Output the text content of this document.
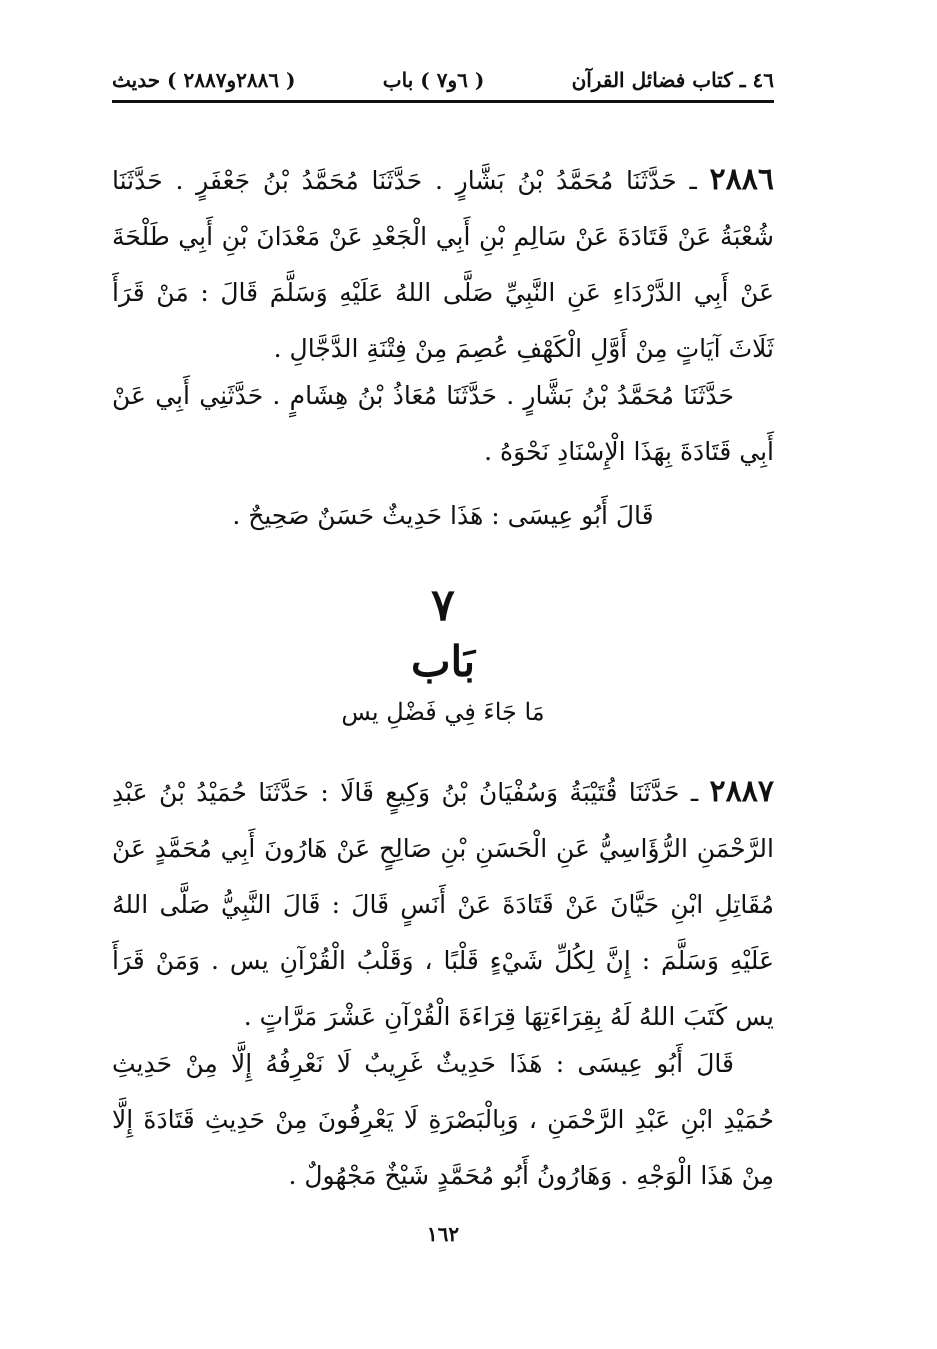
٤٦ ـ كتاب فضائل القرآن
( ٦و٧ ) باب
( ٢٨٨٦و٢٨٨٧ ) حديث

٢٨٨٦ ـ حَدَّثَنَا مُحَمَّدُ بْنُ بَشَّارٍ . حَدَّثَنَا مُحَمَّدُ بْنُ جَعْفَرٍ . حَدَّثَنَا شُعْبَةُ عَنْ قَتَادَةَ عَنْ سَالِمِ بْنِ أَبِي الْجَعْدِ عَنْ مَعْدَانَ بْنِ أَبِي طَلْحَةَ عَنْ أَبِي الدَّرْدَاءِ عَنِ النَّبِيِّ صَلَّى اللهُ عَلَيْهِ وَسَلَّمَ قَالَ : مَنْ قَرَأَ ثَلَاثَ آيَاتٍ مِنْ أَوَّلِ الْكَهْفِ عُصِمَ مِنْ فِتْنَةِ الدَّجَّالِ .

حَدَّثَنَا مُحَمَّدُ بْنُ بَشَّارٍ . حَدَّثَنَا مُعَاذُ بْنُ هِشَامٍ . حَدَّثَنِي أَبِي عَنْ أَبِي قَتَادَةَ بِهَذَا الْإِسْنَادِ نَحْوَهُ .

قَالَ أَبُو عِيسَى : هَذَا حَدِيثٌ حَسَنٌ صَحِيحٌ .

٧

بَاب

مَا جَاءَ فِي فَضْلِ يس

٢٨٨٧ ـ حَدَّثَنَا قُتَيْبَةُ وَسُفْيَانُ بْنُ وَكِيعٍ قَالَا : حَدَّثَنَا حُمَيْدُ بْنُ عَبْدِ الرَّحْمَنِ الرُّؤَاسِيُّ عَنِ الْحَسَنِ بْنِ صَالِحٍ عَنْ هَارُونَ أَبِي مُحَمَّدٍ عَنْ مُقَاتِلِ ابْنِ حَيَّانَ عَنْ قَتَادَةَ عَنْ أَنَسٍ قَالَ : قَالَ النَّبِيُّ صَلَّى اللهُ عَلَيْهِ وَسَلَّمَ : إِنَّ لِكُلِّ شَيْءٍ قَلْبًا ، وَقَلْبُ الْقُرْآنِ يس . وَمَنْ قَرَأَ يس كَتَبَ اللهُ لَهُ بِقِرَاءَتِهَا قِرَاءَةَ الْقُرْآنِ عَشْرَ مَرَّاتٍ .

قَالَ أَبُو عِيسَى : هَذَا حَدِيثٌ غَرِيبٌ لَا نَعْرِفُهُ إِلَّا مِنْ حَدِيثِ حُمَيْدِ ابْنِ عَبْدِ الرَّحْمَنِ ، وَبِالْبَصْرَةِ لَا يَعْرِفُونَ مِنْ حَدِيثِ قَتَادَةَ إِلَّا مِنْ هَذَا الْوَجْهِ . وَهَارُونُ أَبُو مُحَمَّدٍ شَيْخٌ مَجْهُولٌ .

١٦٢
